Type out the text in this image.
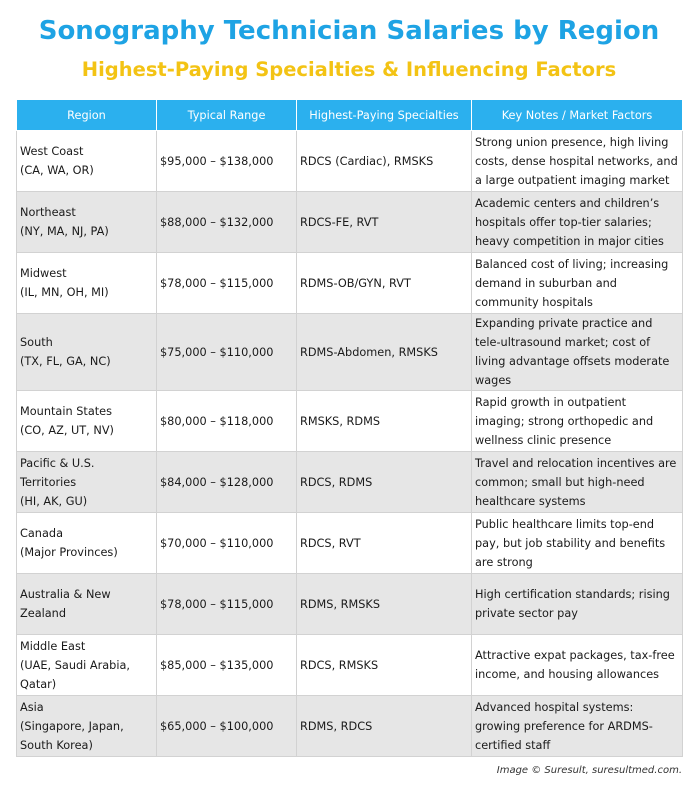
Sonography Technician Salaries by Region
Highest-Paying Specialties & Influencing Factors
Region	Typical Range	Highest-Paying Specialties	Key Notes / Market Factors

West Coast
(CA, WA, OR)	$95,000 – $138,000	RDCS (Cardiac), RMSKS	Strong union presence, high living costs, dense hospital networks, and a large outpatient imaging market

Northeast
(NY, MA, NJ, PA)	$88,000 – $132,000	RDCS-FE, RVT	Academic centers and children’s hospitals offer top-tier salaries; heavy competition in major cities

Midwest
(IL, MN, OH, MI)	$78,000 – $115,000	RDMS-OB/GYN, RVT	Balanced cost of living; increasing demand in suburban and community hospitals

South
(TX, FL, GA, NC)	$75,000 – $110,000	RDMS-Abdomen, RMSKS	Expanding private practice and tele-ultrasound market; cost of living advantage offsets moderate wages

Mountain States
(CO, AZ, UT, NV)	$80,000 – $118,000	RMSKS, RDMS	Rapid growth in outpatient imaging; strong orthopedic and wellness clinic presence

Pacific & U.S. Territories
(HI, AK, GU)	$84,000 – $128,000	RDCS, RDMS	Travel and relocation incentives are common; small but high-need healthcare systems

Canada
(Major Provinces)	$70,000 – $110,000	RDCS, RVT	Public healthcare limits top-end pay, but job stability and benefits are strong

Australia & New Zealand	$78,000 – $115,000	RDMS, RMSKS	High certification standards; rising private sector pay

Middle East
(UAE, Saudi Arabia, Qatar)	$85,000 – $135,000	RDCS, RMSKS	Attractive expat packages, tax-free income, and housing allowances

Asia
(Singapore, Japan, South Korea)	$65,000 – $100,000	RDMS, RDCS	Advanced hospital systems: growing preference for ARDMS-certified staff
Image © Suresult, suresultmed.com.
